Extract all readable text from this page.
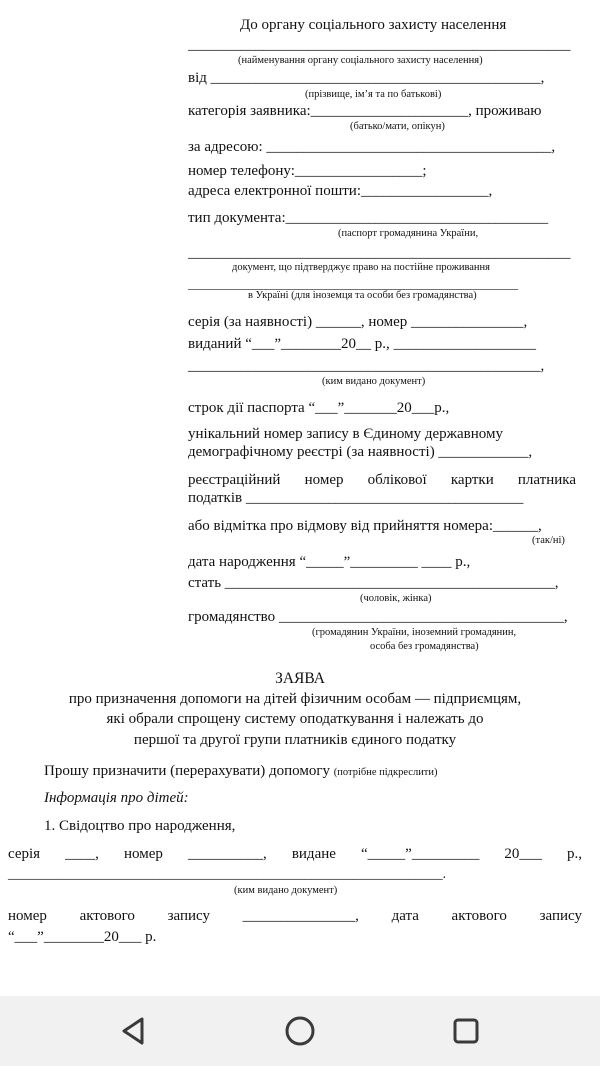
До органу соціального захисту населення
___________________________________________________
(найменування органу соціального захисту населення)
від ____________________________________________,
(прізвище, ім’я та по батькові)
категорія заявника:_____________________, проживаю
(батько/мати, опікун)
за адресою: ______________________________________,
номер телефону:_________________;
адреса електронної пошти:_________________,
тип документа:___________________________________
(паспорт громадянина України,
___________________________________________________
документ, що підтверджує право на постійне проживання
_______________________________________________________
в Україні (для іноземця та особи без громадянства)
серія (за наявності) ______, номер _______________,
виданий “___”________20__ р., ___________________
_______________________________________________,
(ким видано документ)
строк дії паспорта “___”_______20___р.,
унікальний номер запису в Єдиному державному
демографічному реєстрі (за наявності) ____________,
реєстраційний номер облікової картки платника
податків _____________________________________
або відмітка про відмову від прийняття номера:______,
(так/ні)
дата народження “_____”_________ ____ р.,
стать ____________________________________________,
(чоловік, жінка)
громадянство ______________________________________,
(громадянин України, іноземний громадянин,
особа без громадянства)
ЗАЯВА
про призначення допомоги на дітей фізичним особам — підприємцям,
які обрали спрощену систему оподаткування і належать до
першої та другої групи платників єдиного податку
Прошу призначити (перерахувати) допомогу (потрібне підкреслити)
Інформація про дітей:
1. Свідоцтво про народження,
серія ____, номер __________, видане “_____”_________ 20___ р.,
_______________________________________________________________.
(ким видано документ)
номер актового запису _______________, дата актового запису
“___”________20___ р.
